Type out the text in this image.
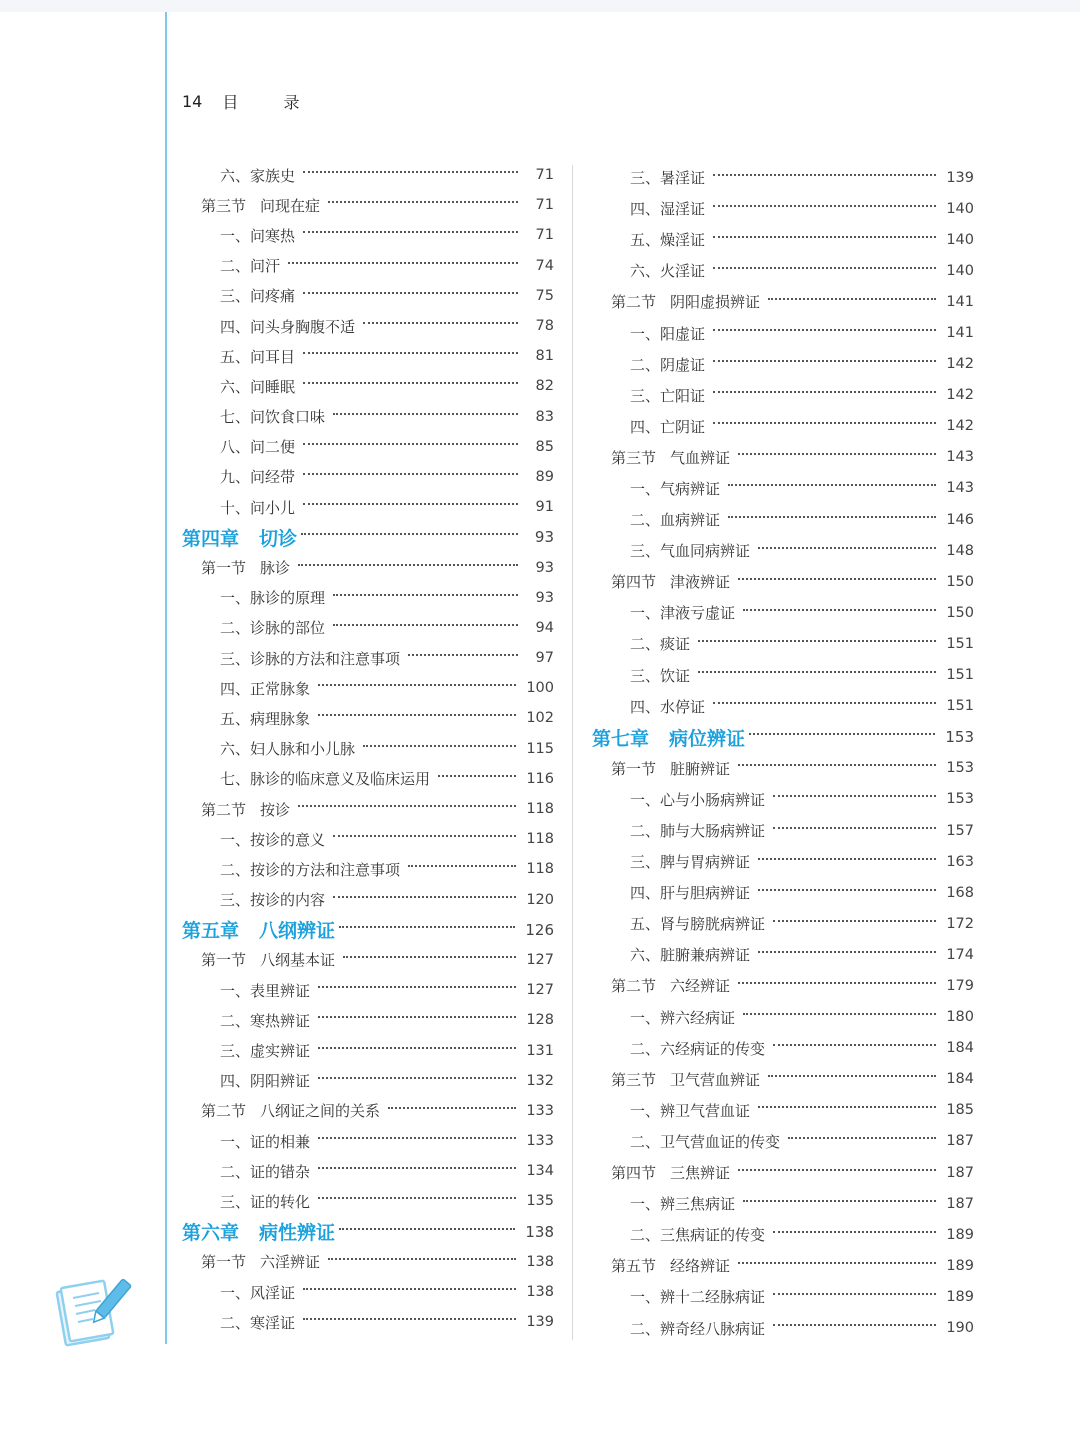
14 目 录
六、家族史	71
第三节 问现在症	71
一、问寒热	71
二、问汗	74
三、问疼痛	75
四、问头身胸腹不适	78
五、问耳目	81
六、问睡眠	82
七、问饮食口味	83
八、问二便	85
九、问经带	89
十、问小儿	91
第四章 切诊	93
第一节 脉诊	93
一、脉诊的原理	93
二、诊脉的部位	94
三、诊脉的方法和注意事项	97
四、正常脉象	100
五、病理脉象	102
六、妇人脉和小儿脉	115
七、脉诊的临床意义及临床运用	116
第二节 按诊	118
一、按诊的意义	118
二、按诊的方法和注意事项	118
三、按诊的内容	120
第五章 八纲辨证	126
第一节 八纲基本证	127
一、表里辨证	127
二、寒热辨证	128
三、虚实辨证	131
四、阴阳辨证	132
第二节 八纲证之间的关系	133
一、证的相兼	133
二、证的错杂	134
三、证的转化	135
第六章 病性辨证	138
第一节 六淫辨证	138
一、风淫证	138
二、寒淫证	139
三、暑淫证	139
四、湿淫证	140
五、燥淫证	140
六、火淫证	140
第二节 阴阳虚损辨证	141
一、阳虚证	141
二、阴虚证	142
三、亡阳证	142
四、亡阴证	142
第三节 气血辨证	143
一、气病辨证	143
二、血病辨证	146
三、气血同病辨证	148
第四节 津液辨证	150
一、津液亏虚证	150
二、痰证	151
三、饮证	151
四、水停证	151
第七章 病位辨证	153
第一节 脏腑辨证	153
一、心与小肠病辨证	153
二、肺与大肠病辨证	157
三、脾与胃病辨证	163
四、肝与胆病辨证	168
五、肾与膀胱病辨证	172
六、脏腑兼病辨证	174
第二节 六经辨证	179
一、辨六经病证	180
二、六经病证的传变	184
第三节 卫气营血辨证	184
一、辨卫气营血证	185
二、卫气营血证的传变	187
第四节 三焦辨证	187
一、辨三焦病证	187
二、三焦病证的传变	189
第五节 经络辨证	189
一、辨十二经脉病证	189
二、辨奇经八脉病证	190
